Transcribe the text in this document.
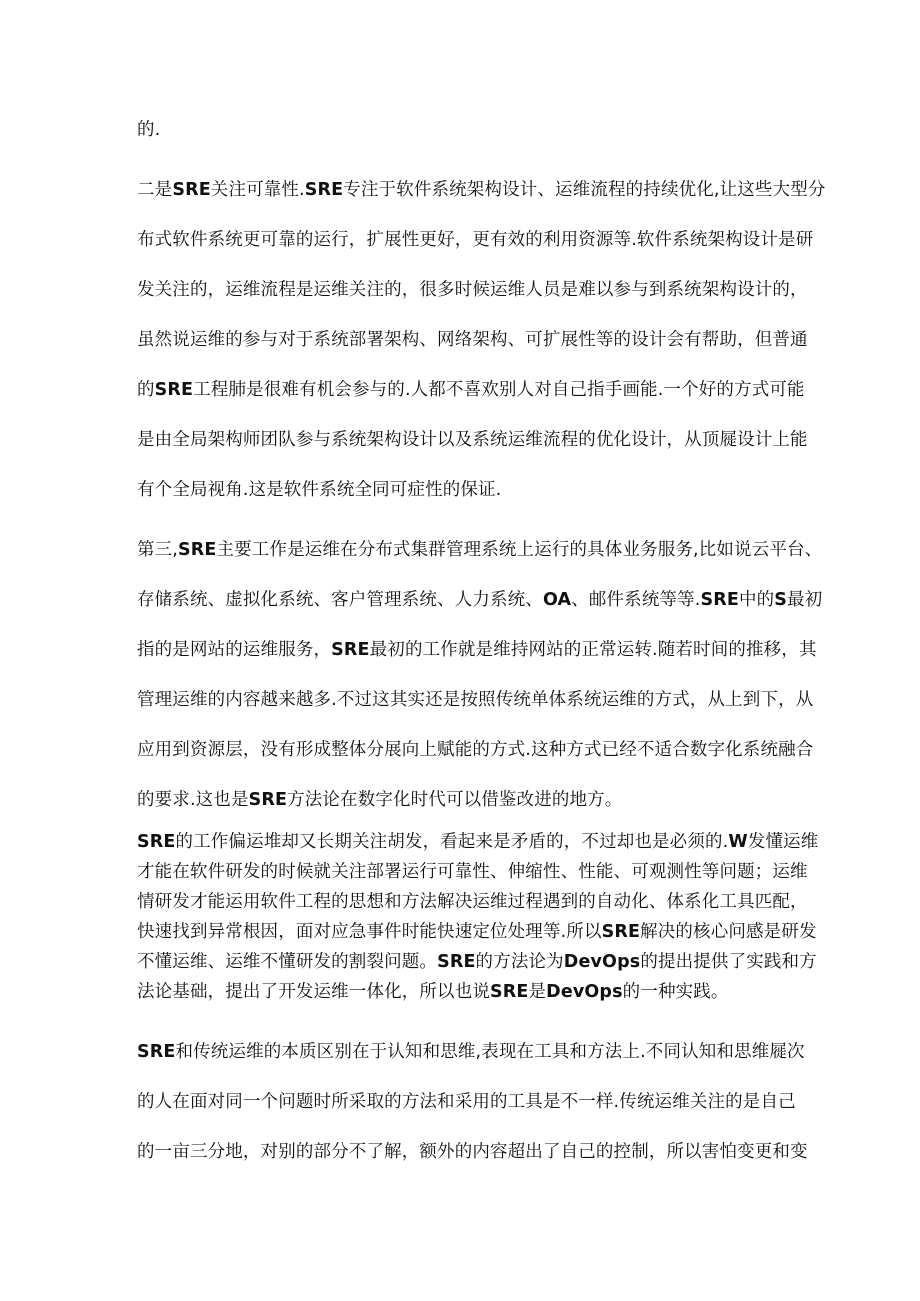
的.
二是SRE关注可靠性.SRE专注于软件系统架构设计、运维流程的持续优化,让这些大型分
布式软件系统更可靠的运行，扩展性更好，更有效的利用资源等.软件系统架构设计是研
发关注的，运维流程是运维关注的，很多时候运维人员是难以参与到系统架构设计的，
虽然说运维的参与对于系统部署架构、网络架构、可扩展性等的设计会有帮助，但普通
的SRE工程肺是很难有机会参与的.人都不喜欢别人对自己指手画能.一个好的方式可能
是由全局架构师团队参与系统架构设计以及系统运维流程的优化设计，从顶屣设计上能
有个全局视角.这是软件系统全同可症性的保证.
第三,SRE主要工作是运维在分布式集群管理系统上运行的具体业务服务,比如说云平台、
存储系统、虚拟化系统、客户管理系统、人力系统、OA、邮件系统等等.SRE中的S最初
指的是网站的运维服务，SRE最初的工作就是维持网站的正常运转.随若时间的推移，其
管理运维的内容越来越多.不过这其实还是按照传统单体系统运维的方式，从上到下，从
应用到资源层，没有形成整体分展向上赋能的方式.这种方式已经不适合数字化系统融合
的要求.这也是SRE方法论在数字化时代可以借鉴改进的地方。
SRE的工作偏运堆却又长期关注胡发，看起来是矛盾的，不过却也是必须的.W发懂运维
才能在软件研发的时候就关注部署运行可靠性、伸缩性、性能、可观测性等问题；运维
情研发才能运用软件工程的思想和方法解决运维过程遇到的自动化、体系化工具匹配，
快速找到异常根因，面对应急事件时能快速定位处理等.所以SRE解决的核心问感是研发
不懂运维、运维不懂研发的割裂问题。SRE的方法论为DevOps的提出提供了实践和方
法论基础，提出了开发运维一体化，所以也说SRE是DevOps的一种实践。
SRE和传统运维的本质区别在于认知和思维,表现在工具和方法上.不同认知和思维屣次
的人在面对同一个问题时所采取的方法和采用的工具是不一样.传统运维关注的是自己
的一亩三分地，对别的部分不了解，额外的内容超出了自己的控制，所以害怕变更和变
